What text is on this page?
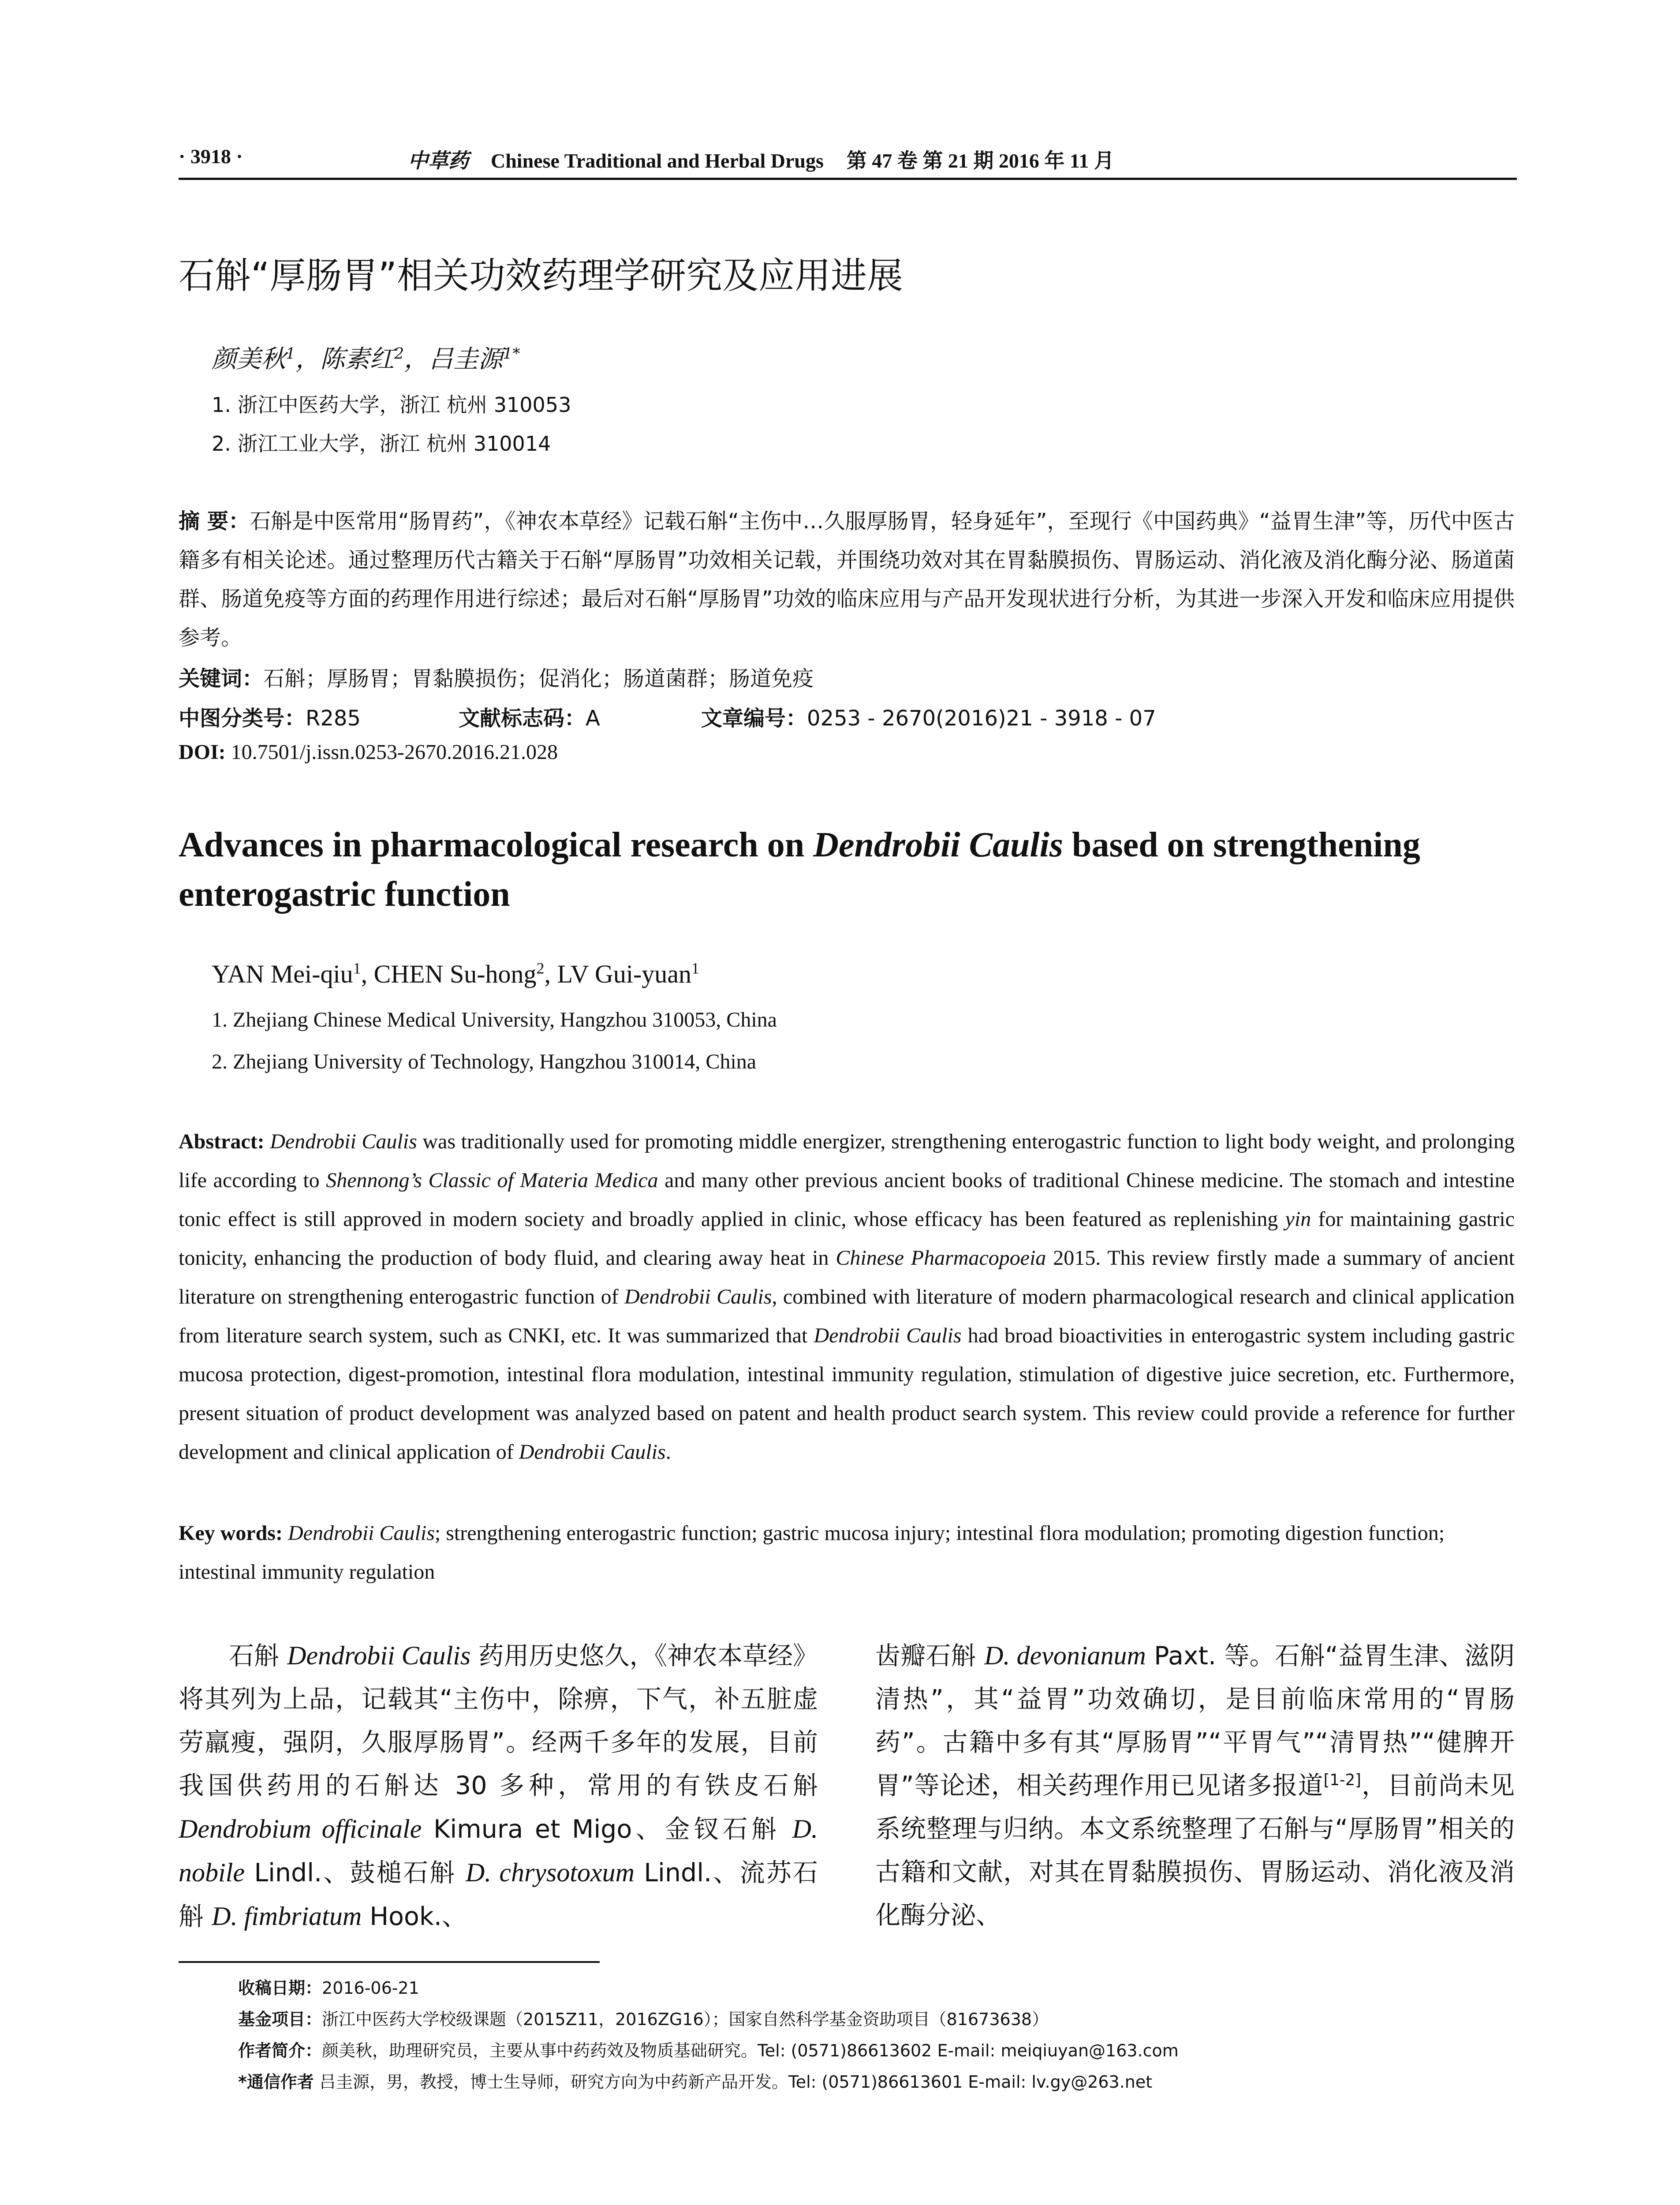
· 3918 ·	中草药 Chinese Traditional and Herbal Drugs 第 47 卷 第 21 期 2016 年 11 月
石斛“厚肠胃”相关功效药理学研究及应用进展
颜美秋$^1$，陈素红$^2$，吕圭源$^{1*}$
1. 浙江中医药大学，浙江 杭州 310053
2. 浙江工业大学，浙江 杭州 310014
摘 要：石斛是中医常用“肠胃药”，《神农本草经》记载石斛“主伤中…久服厚肠胃，轻身延年”，至现行《中国药典》“益胃生津”等，历代中医古籍多有相关论述。通过整理历代古籍关于石斛“厚肠胃”功效相关记载，并围绕功效对其在胃黏膜损伤、胃肠运动、消化液及消化酶分泌、肠道菌群、肠道免疫等方面的药理作用进行综述；最后对石斛“厚肠胃”功效的临床应用与产品开发现状进行分析，为其进一步深入开发和临床应用提供参考。
关键词：石斛；厚肠胃；胃黏膜损伤；促消化；肠道菌群；肠道免疫
中图分类号：R285	文献标志码：A	文章编号：0253 - 2670(2016)21 - 3918 - 07
DOI: 10.7501/j.issn.0253-2670.2016.21.028
Advances in pharmacological research on Dendrobii Caulis based on strengthening enterogastric function
YAN Mei-qiu$^1$, CHEN Su-hong$^2$, LV Gui-yuan$^1$
1. Zhejiang Chinese Medical University, Hangzhou 310053, China
2. Zhejiang University of Technology, Hangzhou 310014, China
Abstract: Dendrobii Caulis was traditionally used for promoting middle energizer, strengthening enterogastric function to light body weight, and prolonging life according to Shennong’s Classic of Materia Medica and many other previous ancient books of traditional Chinese medicine. The stomach and intestine tonic effect is still approved in modern society and broadly applied in clinic, whose efficacy has been featured as replenishing yin for maintaining gastric tonicity, enhancing the production of body fluid, and clearing away heat in Chinese Pharmacopoeia 2015. This review firstly made a summary of ancient literature on strengthening enterogastric function of Dendrobii Caulis, combined with literature of modern pharmacological research and clinical application from literature search system, such as CNKI, etc. It was summarized that Dendrobii Caulis had broad bioactivities in enterogastric system including gastric mucosa protection, digest-promotion, intestinal flora modulation, intestinal immunity regulation, stimulation of digestive juice secretion, etc. Furthermore, present situation of product development was analyzed based on patent and health product search system. This review could provide a reference for further development and clinical application of Dendrobii Caulis.
Key words: Dendrobii Caulis; strengthening enterogastric function; gastric mucosa injury; intestinal flora modulation; promoting digestion function; intestinal immunity regulation
石斛 Dendrobii Caulis 药用历史悠久，《神农本草经》将其列为上品，记载其“主伤中，除痹，下气，补五脏虚劳羸瘦，强阴，久服厚肠胃”。经两千多年的发展，目前我国供药用的石斛达 30 多种，常用的有铁皮石斛 Dendrobium officinale Kimura et Migo、金钗石斛 D. nobile Lindl.、鼓槌石斛 D. chrysotoxum Lindl.、流苏石斛 D. fimbriatum Hook.、
齿瓣石斛 D. devonianum Paxt. 等。石斛“益胃生津、滋阴清热”，其“益胃”功效确切，是目前临床常用的“胃肠药”。古籍中多有其“厚肠胃”“平胃气”“清胃热”“健脾开胃”等论述，相关药理作用已见诸多报道[1-2]，目前尚未见系统整理与归纳。本文系统整理了石斛与“厚肠胃”相关的古籍和文献，对其在胃黏膜损伤、胃肠运动、消化液及消化酶分泌、
收稿日期：2016-06-21
基金项目：浙江中医药大学校级课题（2015Z11，2016ZG16）；国家自然科学基金资助项目（81673638）
作者简介：颜美秋，助理研究员，主要从事中药药效及物质基础研究。Tel: (0571)86613602 E-mail: meiqiuyan@163.com
*通信作者 吕圭源，男，教授，博士生导师，研究方向为中药新产品开发。Tel: (0571)86613601 E-mail: lv.gy@263.net
